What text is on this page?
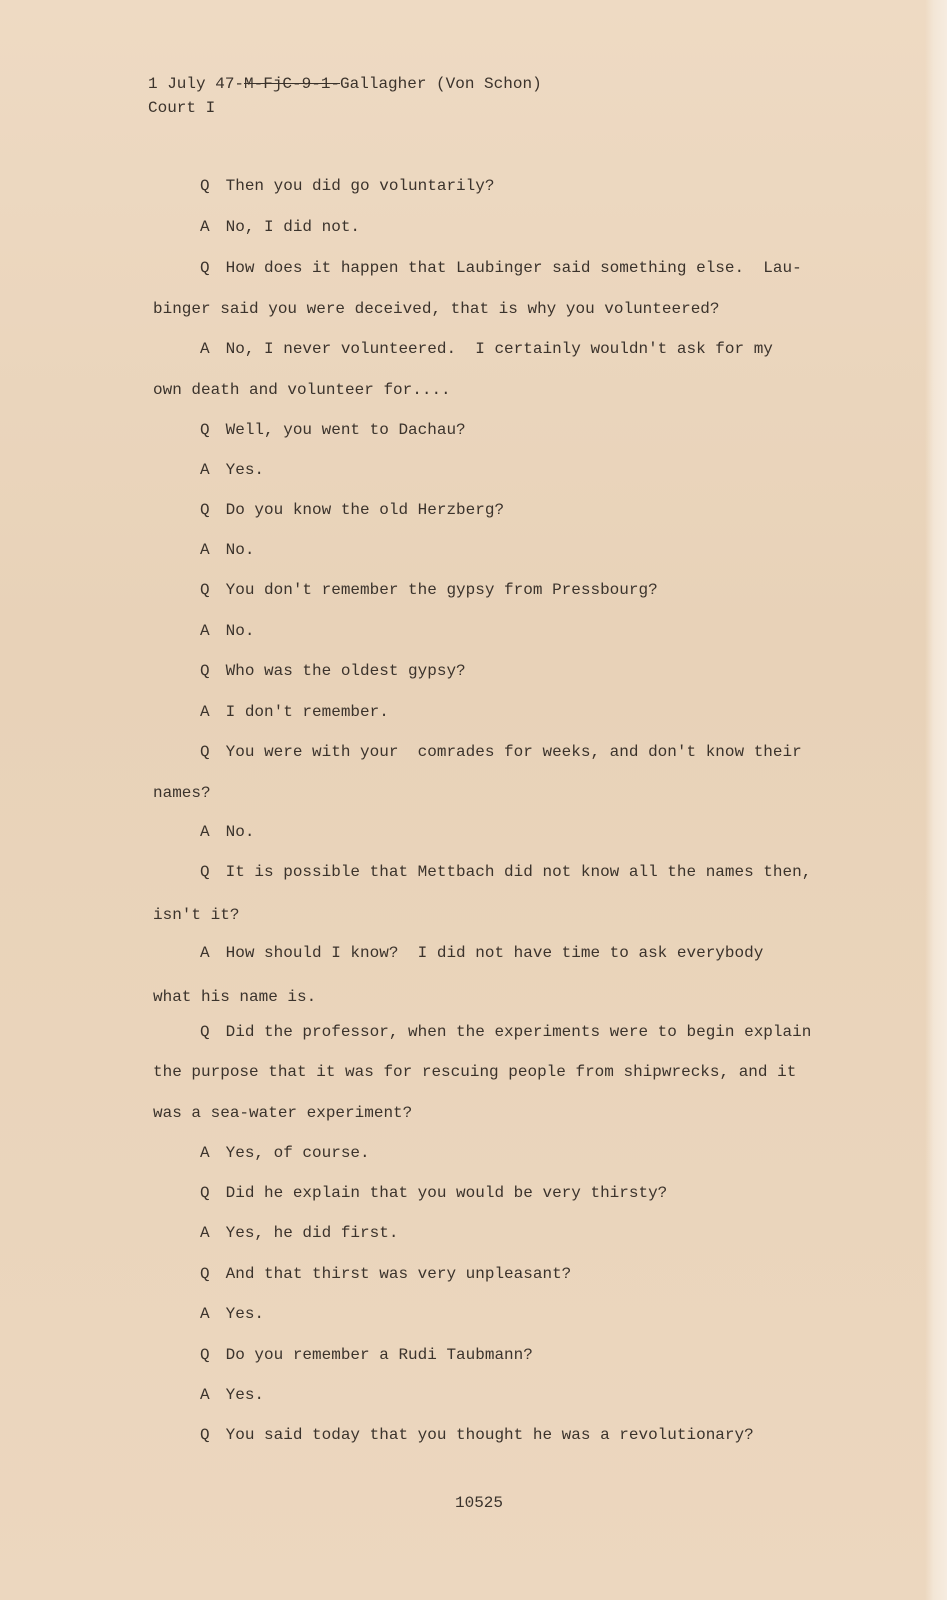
1 July 47-M-FjC-9-1-Gallagher (Von Schon)
Court I
Q Then you did go voluntarily?
A No, I did not.
Q How does it happen that Laubinger said something else.  Lau-
binger said you were deceived, that is why you volunteered?
A No, I never volunteered.  I certainly wouldn't ask for my
own death and volunteer for....
Q Well, you went to Dachau?
A Yes.
Q Do you know the old Herzberg?
A No.
Q You don't remember the gypsy from Pressbourg?
A No.
Q Who was the oldest gypsy?
A I don't remember.
Q You were with your  comrades for weeks, and don't know their
names?
A No.
Q It is possible that Mettbach did not know all the names then,
isn't it?
A How should I know?  I did not have time to ask everybody
what his name is.
Q Did the professor, when the experiments were to begin explain
the purpose that it was for rescuing people from shipwrecks, and it
was a sea-water experiment?
A Yes, of course.
Q Did he explain that you would be very thirsty?
A Yes, he did first.
Q And that thirst was very unpleasant?
A Yes.
Q Do you remember a Rudi Taubmann?
A Yes.
Q You said today that you thought he was a revolutionary?
10525
